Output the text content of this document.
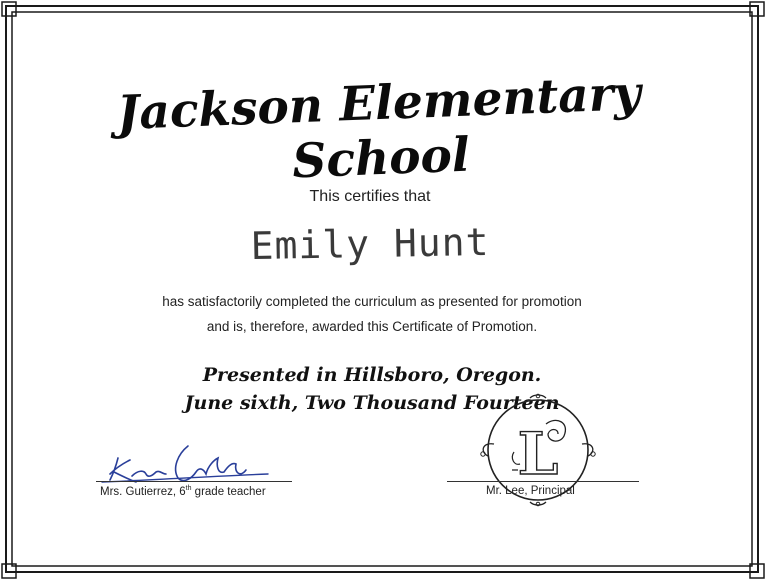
Jackson Elementary School
This certifies that
Emily Hunt
has satisfactorily completed the curriculum as presented for promotion
and is, therefore, awarded this Certificate of Promotion.
Presented in Hillsboro, Oregon.
June sixth, Two Thousand Fourteen
L
Mrs. Gutierrez, 6th grade teacher	Mr. Lee, Principal
